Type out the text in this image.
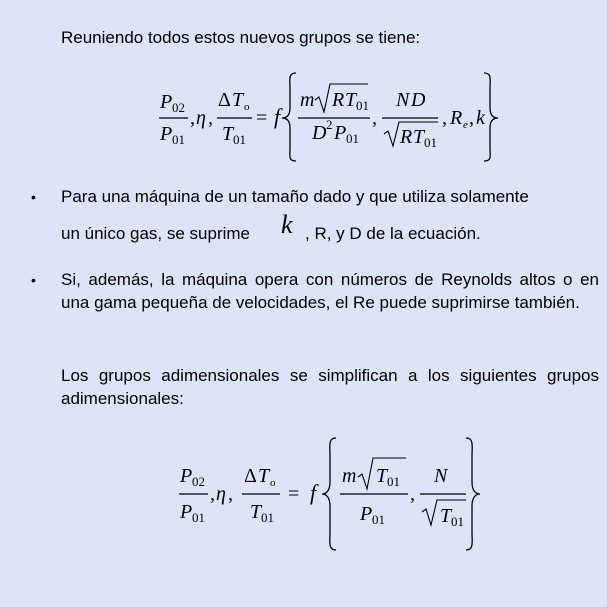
Reuniendo todos estos nuevos grupos se tiene:
P 02
P 01
, η ,
Δ T o
T 01
= f
m R T 01
D 2 P 01
,
N D
R T 01
, R e , k
• Para una máquina de un tamaño dado y que utiliza solamente
un único gas, se suprime k , R, y D de la ecuación.
• Si, además, la máquina opera con números de Reynolds altos o en una gama pequeña de velocidades, el Re puede suprimirse también.
Los grupos adimensionales se simplifican a los siguientes grupos adimensionales:
P 02
P 01
, η ,
Δ T o
T 01
= f
m T 01
P 01
,
N
T 01
